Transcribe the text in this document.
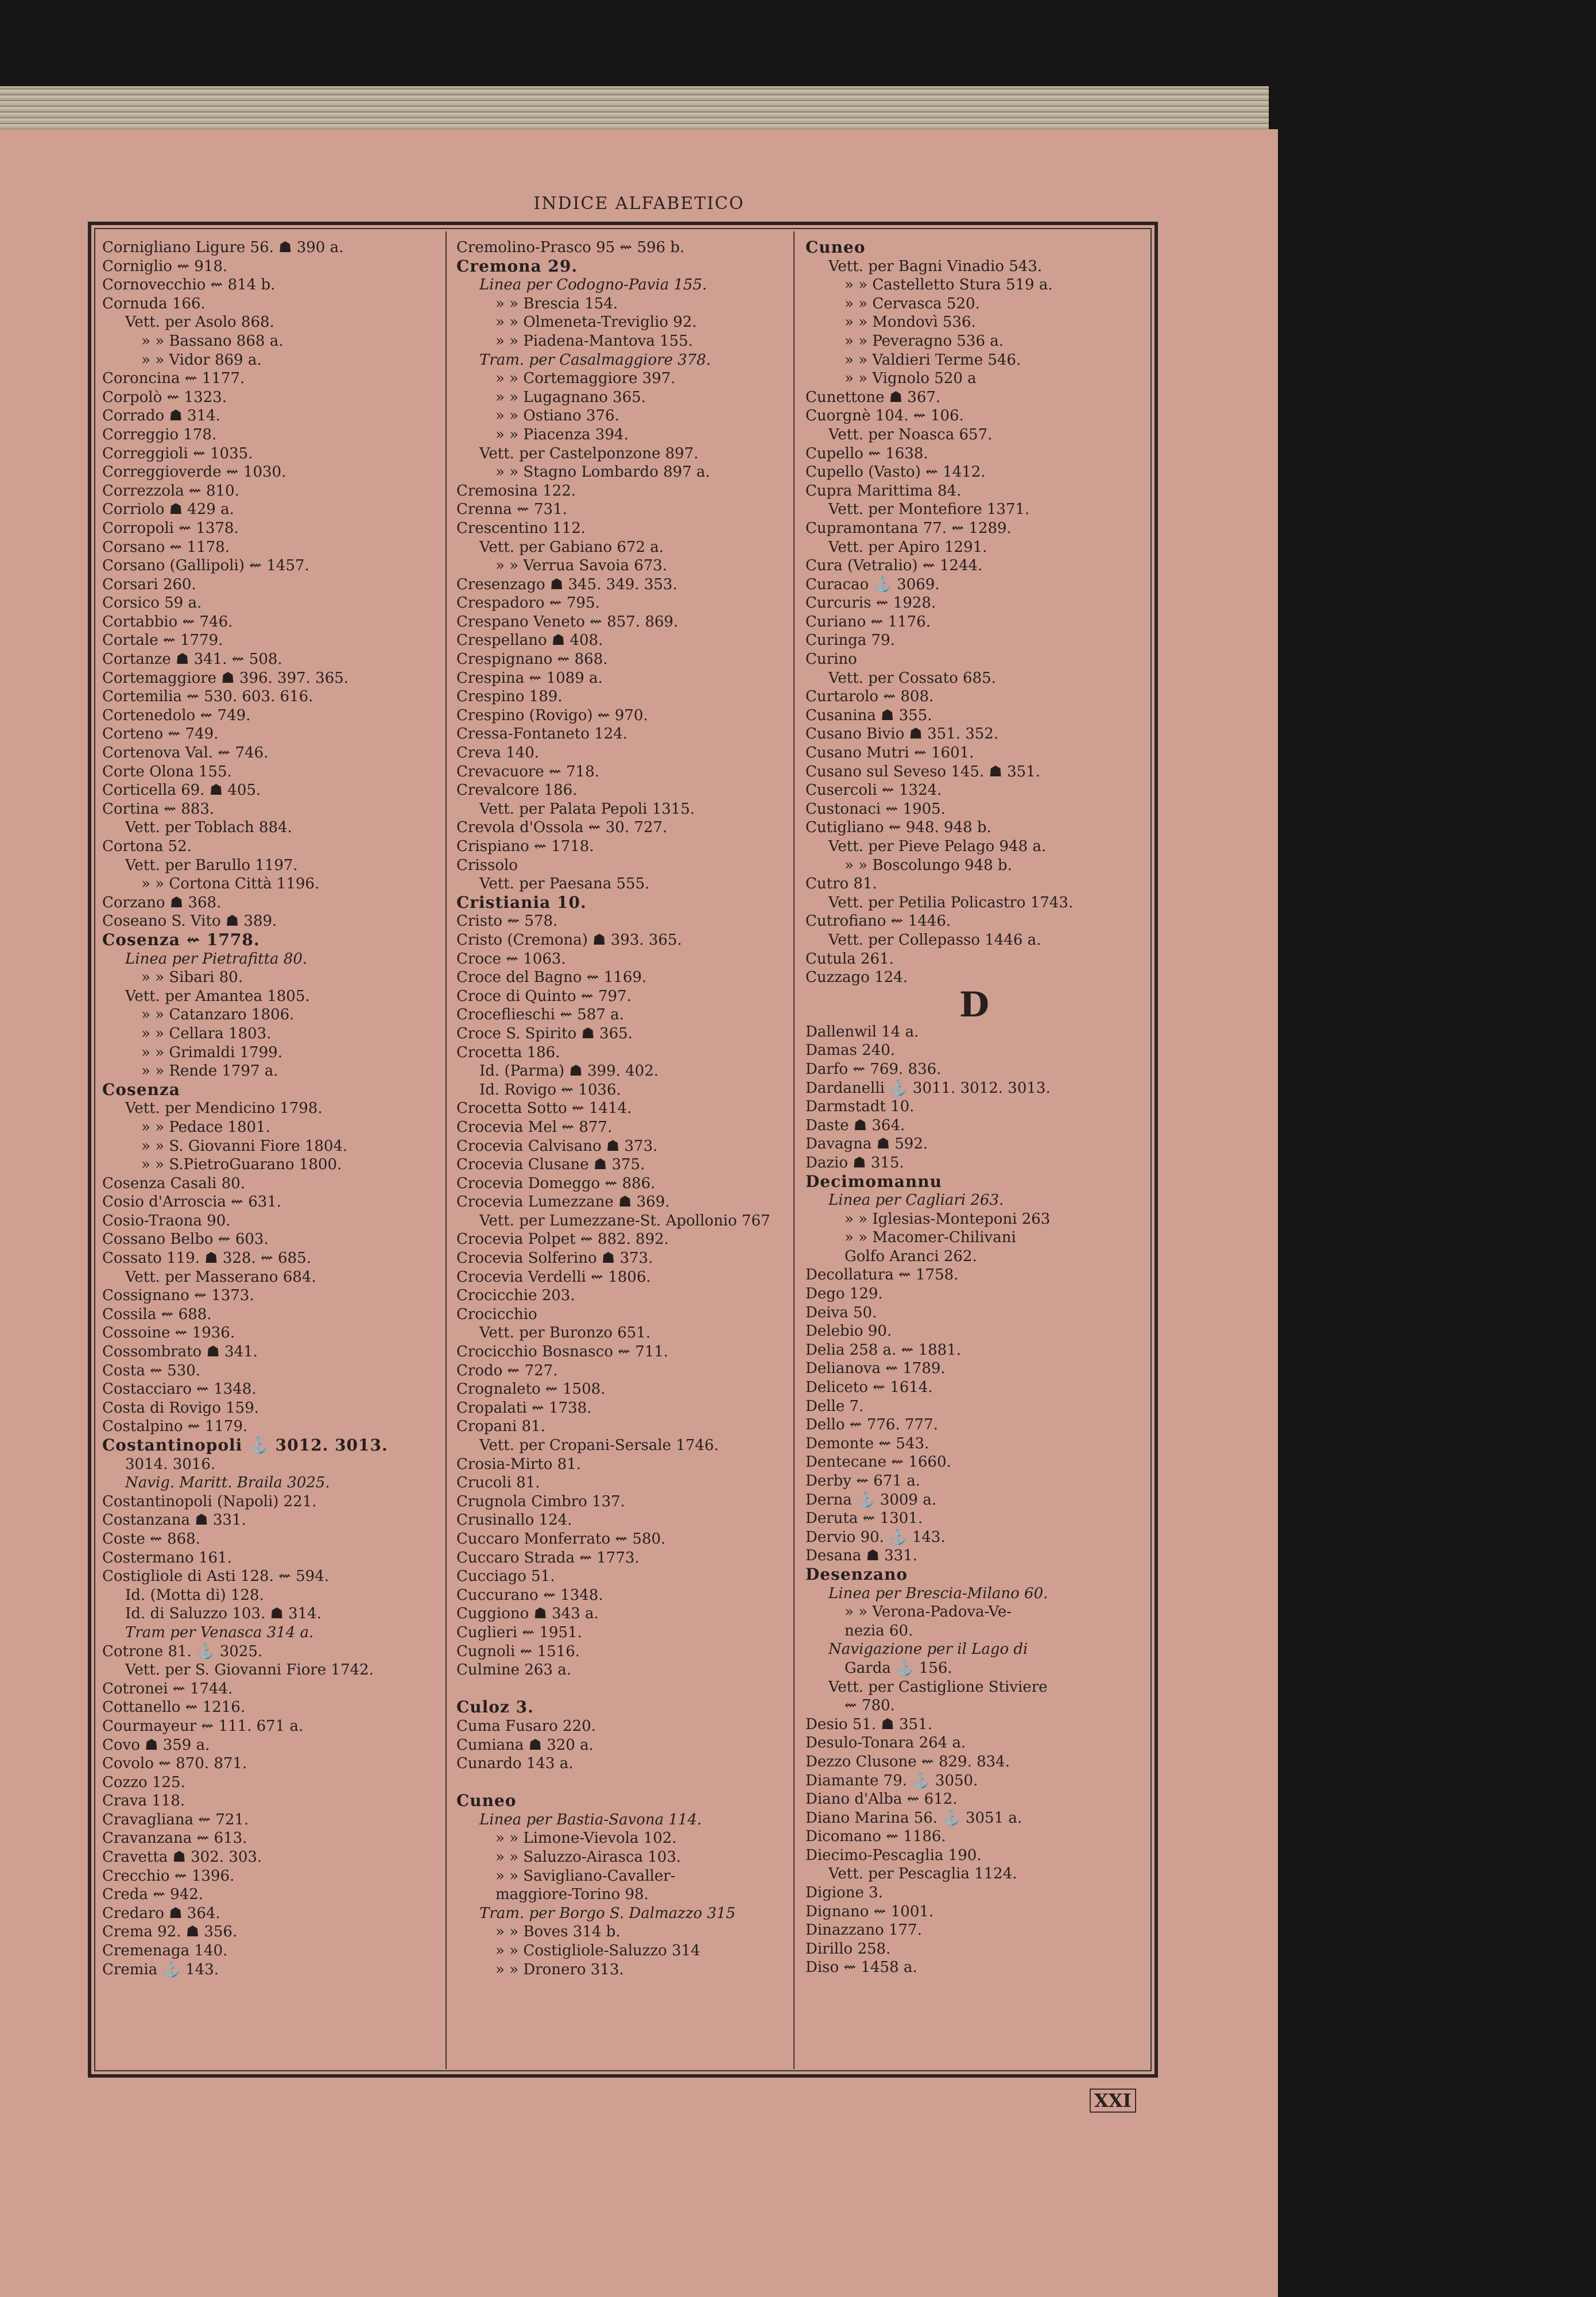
INDICE ALFABETICO

Cornigliano Ligure 56. ☗ 390 a.

Corniglio ⇜ 918.

Cornovecchio ⇜ 814 b.

Cornuda 166.

Vett. per Asolo 868.

» » Bassano 868 a.

» » Vidor 869 a.

Coroncina ⇜ 1177.

Corpolò ⇜ 1323.

Corrado ☗ 314.

Correggio 178.

Correggioli ⇜ 1035.

Correggioverde ⇜ 1030.

Correzzola ⇜ 810.

Corriolo ☗ 429 a.

Corropoli ⇜ 1378.

Corsano ⇜ 1178.

Corsano (Gallipoli) ⇜ 1457.

Corsari 260.

Corsico 59 a.

Cortabbio ⇜ 746.

Cortale ⇜ 1779.

Cortanze ☗ 341. ⇜ 508.

Cortemaggiore ☗ 396. 397. 365.

Cortemilia ⇜ 530. 603. 616.

Cortenedolo ⇜ 749.

Corteno ⇜ 749.

Cortenova Val. ⇜ 746.

Corte Olona 155.

Corticella 69. ☗ 405.

Cortina ⇜ 883.

Vett. per Toblach 884.

Cortona 52.

Vett. per Barullo 1197.

» » Cortona Città 1196.

Corzano ☗ 368.

Coseano S. Vito ☗ 389.

Cosenza ⇜ 1778.

Linea per Pietrafitta 80.

» » Sibari 80.

Vett. per Amantea 1805.

» » Catanzaro 1806.

» » Cellara 1803.

» » Grimaldi 1799.

» » Rende 1797 a.

Cosenza

Vett. per Mendicino 1798.

» » Pedace 1801.

» » S. Giovanni Fiore 1804.

» » S.PietroGuarano 1800.

Cosenza Casali 80.

Cosio d'Arroscia ⇜ 631.

Cosio-Traona 90.

Cossano Belbo ⇜ 603.

Cossato 119. ☗ 328. ⇜ 685.

Vett. per Masserano 684.

Cossignano ⇜ 1373.

Cossila ⇜ 688.

Cossoine ⇜ 1936.

Cossombrato ☗ 341.

Costa ⇜ 530.

Costacciaro ⇜ 1348.

Costa di Rovigo 159.

Costalpino ⇜ 1179.

Costantinopoli ⚓ 3012. 3013.

3014. 3016.

Navig. Maritt. Braila 3025.

Costantinopoli (Napoli) 221.

Costanzana ☗ 331.

Coste ⇜ 868.

Costermano 161.

Costigliole di Asti 128. ⇜ 594.

Id. (Motta di) 128.

Id. di Saluzzo 103. ☗ 314.

Tram per Venasca 314 a.

Cotrone 81. ⚓ 3025.

Vett. per S. Giovanni Fiore 1742.

Cotronei ⇜ 1744.

Cottanello ⇜ 1216.

Courmayeur ⇜ 111. 671 a.

Covo ☗ 359 a.

Covolo ⇜ 870. 871.

Cozzo 125.

Crava 118.

Cravagliana ⇜ 721.

Cravanzana ⇜ 613.

Cravetta ☗ 302. 303.

Crecchio ⇜ 1396.

Creda ⇜ 942.

Credaro ☗ 364.

Crema 92. ☗ 356.

Cremenaga 140.

Cremia ⚓ 143.

Cremolino-Prasco 95 ⇜ 596 b.

Cremona 29.

Linea per Codogno-Pavia 155.

» » Brescia 154.

» » Olmeneta-Treviglio 92.

» » Piadena-Mantova 155.

Tram. per Casalmaggiore 378.

» » Cortemaggiore 397.

» » Lugagnano 365.

» » Ostiano 376.

» » Piacenza 394.

Vett. per Castelponzone 897.

» » Stagno Lombardo 897 a.

Cremosina 122.

Crenna ⇜ 731.

Crescentino 112.

Vett. per Gabiano 672 a.

» » Verrua Savoia 673.

Cresenzago ☗ 345. 349. 353.

Crespadoro ⇜ 795.

Crespano Veneto ⇜ 857. 869.

Crespellano ☗ 408.

Crespignano ⇜ 868.

Crespina ⇜ 1089 a.

Crespino 189.

Crespino (Rovigo) ⇜ 970.

Cressa-Fontaneto 124.

Creva 140.

Crevacuore ⇜ 718.

Crevalcore 186.

Vett. per Palata Pepoli 1315.

Crevola d'Ossola ⇜ 30. 727.

Crispiano ⇜ 1718.

Crissolo

Vett. per Paesana 555.

Cristiania 10.

Cristo ⇜ 578.

Cristo (Cremona) ☗ 393. 365.

Croce ⇜ 1063.

Croce del Bagno ⇜ 1169.

Croce di Quinto ⇜ 797.

Croceflieschi ⇜ 587 a.

Croce S. Spirito ☗ 365.

Crocetta 186.

Id. (Parma) ☗ 399. 402.

Id. Rovigo ⇜ 1036.

Crocetta Sotto ⇜ 1414.

Crocevia Mel ⇜ 877.

Crocevia Calvisano ☗ 373.

Crocevia Clusane ☗ 375.

Crocevia Domeggo ⇜ 886.

Crocevia Lumezzane ☗ 369.

Vett. per Lumezzane-St. Apollonio 767

Crocevia Polpet ⇜ 882. 892.

Crocevia Solferino ☗ 373.

Crocevia Verdelli ⇜ 1806.

Crocicchie 203.

Crocicchio

Vett. per Buronzo 651.

Crocicchio Bosnasco ⇜ 711.

Crodo ⇜ 727.

Crognaleto ⇜ 1508.

Cropalati ⇜ 1738.

Cropani 81.

Vett. per Cropani-Sersale 1746.

Crosia-Mirto 81.

Crucoli 81.

Crugnola Cimbro 137.

Crusinallo 124.

Cuccaro Monferrato ⇜ 580.

Cuccaro Strada ⇜ 1773.

Cucciago 51.

Cuccurano ⇜ 1348.

Cuggiono ☗ 343 a.

Cuglieri ⇜ 1951.

Cugnoli ⇜ 1516.

Culmine 263 a.

Culoz 3.

Cuma Fusaro 220.

Cumiana ☗ 320 a.

Cunardo 143 a.

Cuneo

Linea per Bastia-Savona 114.

» » Limone-Vievola 102.

» » Saluzzo-Airasca 103.

» » Savigliano-Cavaller-

maggiore-Torino 98.

Tram. per Borgo S. Dalmazzo 315

» » Boves 314 b.

» » Costigliole-Saluzzo 314

» » Dronero 313.

Cuneo

Vett. per Bagni Vinadio 543.

» » Castelletto Stura 519 a.

» » Cervasca 520.

» » Mondovì 536.

» » Peveragno 536 a.

» » Valdieri Terme 546.

» » Vignolo 520 a

Cunettone ☗ 367.

Cuorgnè 104. ⇜ 106.

Vett. per Noasca 657.

Cupello ⇜ 1638.

Cupello (Vasto) ⇜ 1412.

Cupra Marittima 84.

Vett. per Montefiore 1371.

Cupramontana 77. ⇜ 1289.

Vett. per Apiro 1291.

Cura (Vetralio) ⇜ 1244.

Curacao ⚓ 3069.

Curcuris ⇜ 1928.

Curiano ⇜ 1176.

Curinga 79.

Curino

Vett. per Cossato 685.

Curtarolo ⇜ 808.

Cusanina ☗ 355.

Cusano Bivio ☗ 351. 352.

Cusano Mutri ⇜ 1601.

Cusano sul Seveso 145. ☗ 351.

Cusercoli ⇜ 1324.

Custonaci ⇜ 1905.

Cutigliano ⇜ 948. 948 b.

Vett. per Pieve Pelago 948 a.

» » Boscolungo 948 b.

Cutro 81.

Vett. per Petilia Policastro 1743.

Cutrofiano ⇜ 1446.

Vett. per Collepasso 1446 a.

Cutula 261.

Cuzzago 124.

D

Dallenwil 14 a.

Damas 240.

Darfo ⇜ 769. 836.

Dardanelli ⚓ 3011. 3012. 3013.

Darmstadt 10.

Daste ☗ 364.

Davagna ☗ 592.

Dazio ☗ 315.

Decimomannu

Linea per Cagliari 263.

» » Iglesias-Monteponi 263

» » Macomer-Chilivani

Golfo Aranci 262.

Decollatura ⇜ 1758.

Dego 129.

Deiva 50.

Delebio 90.

Delia 258 a. ⇜ 1881.

Delianova ⇜ 1789.

Deliceto ⇜ 1614.

Delle 7.

Dello ⇜ 776. 777.

Demonte ⇜ 543.

Dentecane ⇜ 1660.

Derby ⇜ 671 a.

Derna ⚓ 3009 a.

Deruta ⇜ 1301.

Dervio 90. ⚓ 143.

Desana ☗ 331.

Desenzano

Linea per Brescia-Milano 60.

» » Verona-Padova-Ve-

nezia 60.

Navigazione per il Lago di

Garda ⚓ 156.

Vett. per Castiglione Stiviere

⇜ 780.

Desio 51. ☗ 351.

Desulo-Tonara 264 a.

Dezzo Clusone ⇜ 829. 834.

Diamante 79. ⚓ 3050.

Diano d'Alba ⇜ 612.

Diano Marina 56. ⚓ 3051 a.

Dicomano ⇜ 1186.

Diecimo-Pescaglia 190.

Vett. per Pescaglia 1124.

Digione 3.

Dignano ⇜ 1001.

Dinazzano 177.

Dirillo 258.

Diso ⇜ 1458 a.

XXI
